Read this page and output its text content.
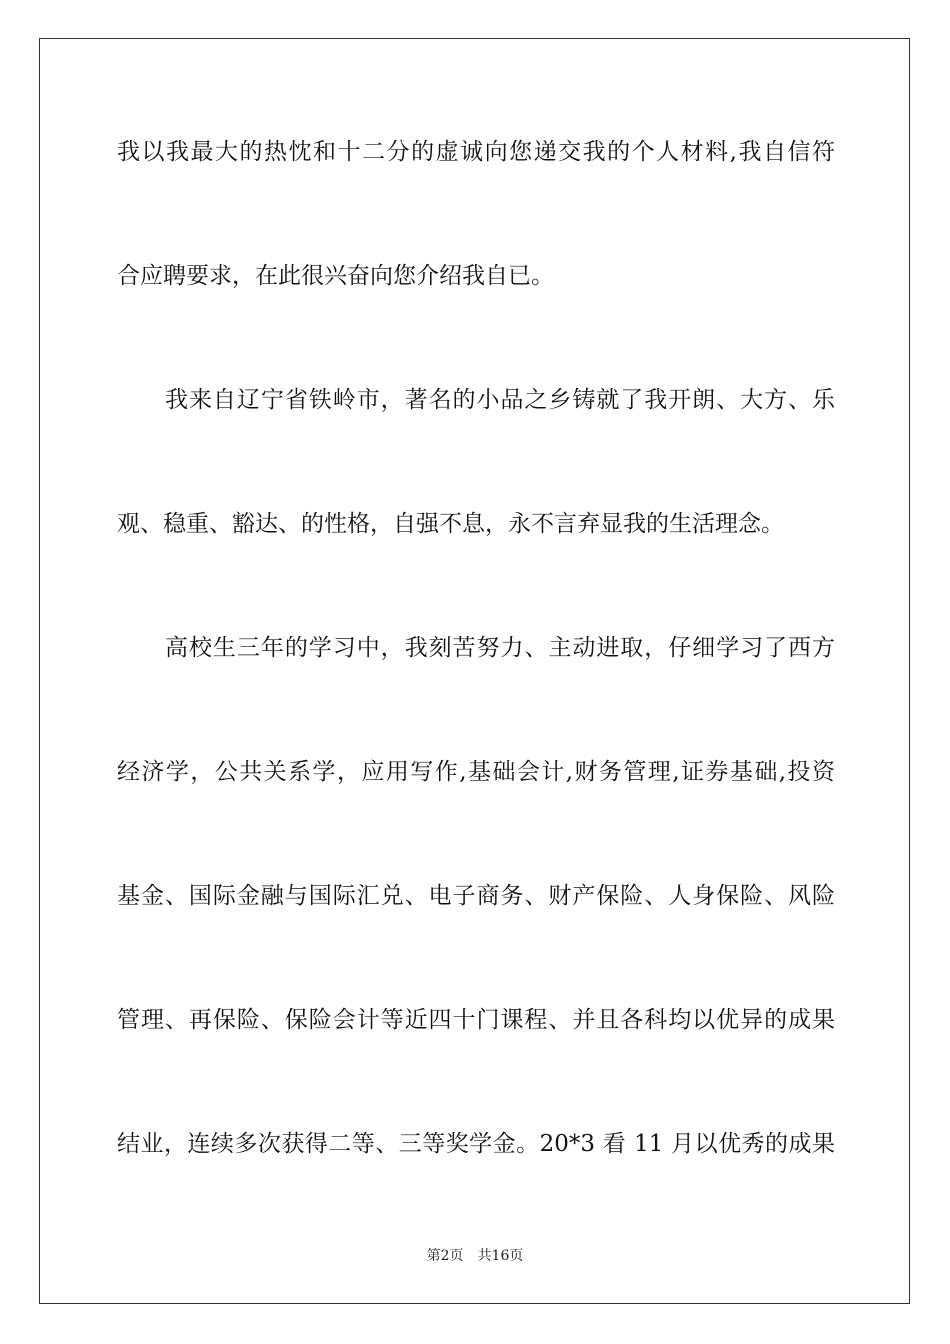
我以我最大的热忱和十二分的虚诚向您递交我的个人材料,我自信符
合应聘要求，在此很兴奋向您介绍我自已。
我来自辽宁省铁岭市，著名的小品之乡铸就了我开朗、大方、乐
观、稳重、豁达、的性格，自强不息，永不言弃显我的生活理念。
高校生三年的学习中，我刻苦努力、主动进取，仔细学习了西方
经济学，公共关系学，应用写作,基础会计,财务管理,证券基础,投资
基金、国际金融与国际汇兑、电子商务、财产保险、人身保险、风险
管理、再保险、保险会计等近四十门课程、并且各科均以优异的成果
结业，连续多次获得二等、三等奖学金。20*3 看 11 月以优秀的成果
第2页 共16页
